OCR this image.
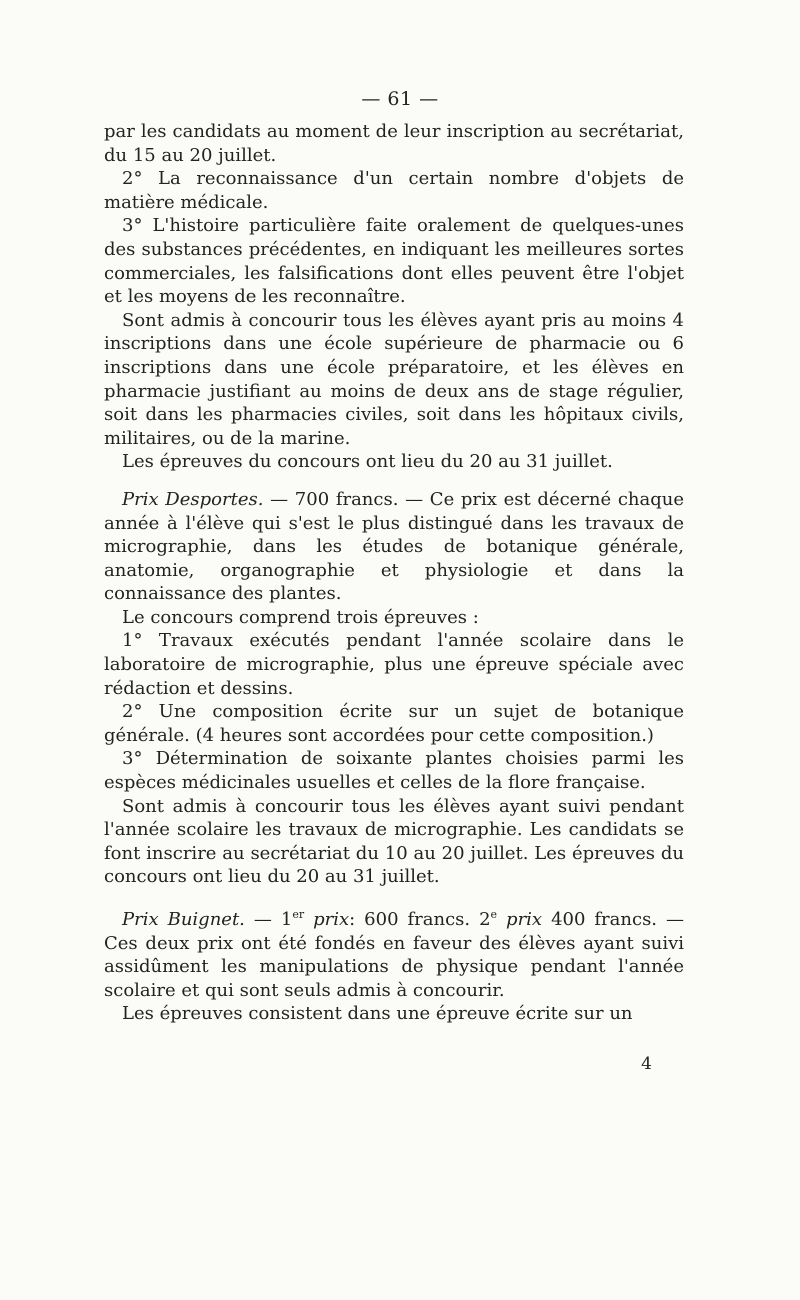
— 61 —

par les candidats au moment de leur inscription au secrétariat, du 15 au 20 juillet.

2° La reconnaissance d'un certain nombre d'objets de matière médicale.

3° L'histoire particulière faite oralement de quelques-unes des substances précédentes, en indiquant les meilleures sortes commerciales, les falsifications dont elles peuvent être l'objet et les moyens de les reconnaître.

Sont admis à concourir tous les élèves ayant pris au moins 4 inscriptions dans une école supérieure de pharmacie ou 6 inscriptions dans une école préparatoire, et les élèves en pharmacie justifiant au moins de deux ans de stage régulier, soit dans les pharmacies civiles, soit dans les hôpitaux civils, militaires, ou de la marine.

Les épreuves du concours ont lieu du 20 au 31 juillet.

Prix Desportes. — 700 francs. — Ce prix est décerné chaque année à l'élève qui s'est le plus distingué dans les travaux de micrographie, dans les études de botanique générale, anatomie, organographie et physiologie et dans la connaissance des plantes.

Le concours comprend trois épreuves :

1° Travaux exécutés pendant l'année scolaire dans le laboratoire de micrographie, plus une épreuve spéciale avec rédaction et dessins.

2° Une composition écrite sur un sujet de botanique générale. (4 heures sont accordées pour cette composition.)

3° Détermination de soixante plantes choisies parmi les espèces médicinales usuelles et celles de la flore française.

Sont admis à concourir tous les élèves ayant suivi pendant l'année scolaire les travaux de micrographie. Les candidats se font inscrire au secrétariat du 10 au 20 juillet. Les épreuves du concours ont lieu du 20 au 31 juillet.

Prix Buignet. — 1er prix: 600 francs. 2e prix 400 francs. — Ces deux prix ont été fondés en faveur des élèves ayant suivi assidûment les manipulations de physique pendant l'année scolaire et qui sont seuls admis à concourir.

Les épreuves consistent dans une épreuve écrite sur un

4
